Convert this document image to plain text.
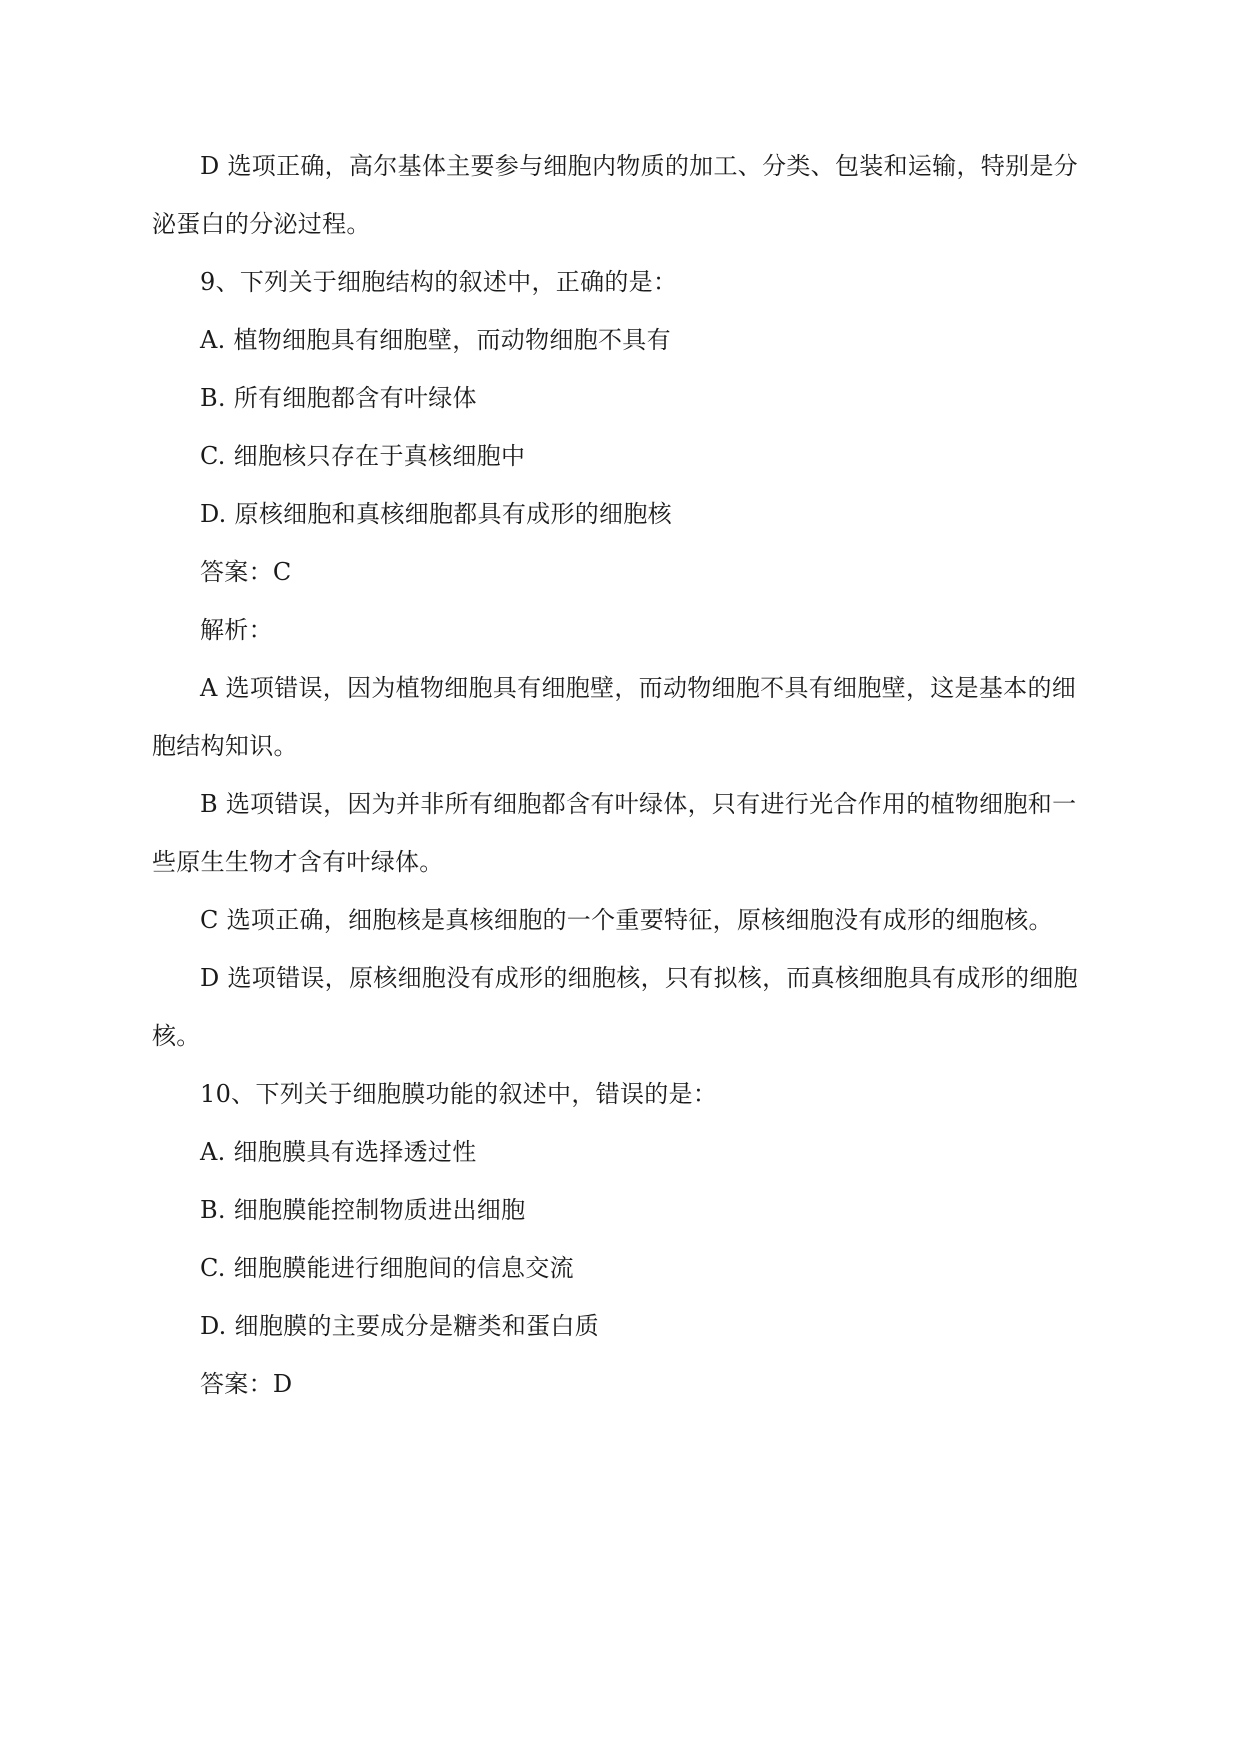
D 选项正确，高尔基体主要参与细胞内物质的加工、分类、包装和运输，特别是分
泌蛋白的分泌过程。
9、下列关于细胞结构的叙述中，正确的是：
A. 植物细胞具有细胞壁，而动物细胞不具有
B. 所有细胞都含有叶绿体
C. 细胞核只存在于真核细胞中
D. 原核细胞和真核细胞都具有成形的细胞核
答案：C
解析：
A 选项错误，因为植物细胞具有细胞壁，而动物细胞不具有细胞壁，这是基本的细
胞结构知识。
B 选项错误，因为并非所有细胞都含有叶绿体，只有进行光合作用的植物细胞和一
些原生生物才含有叶绿体。
C 选项正确，细胞核是真核细胞的一个重要特征，原核细胞没有成形的细胞核。
D 选项错误，原核细胞没有成形的细胞核，只有拟核，而真核细胞具有成形的细胞
核。
10、下列关于细胞膜功能的叙述中，错误的是：
A. 细胞膜具有选择透过性
B. 细胞膜能控制物质进出细胞
C. 细胞膜能进行细胞间的信息交流
D. 细胞膜的主要成分是糖类和蛋白质
答案：D
